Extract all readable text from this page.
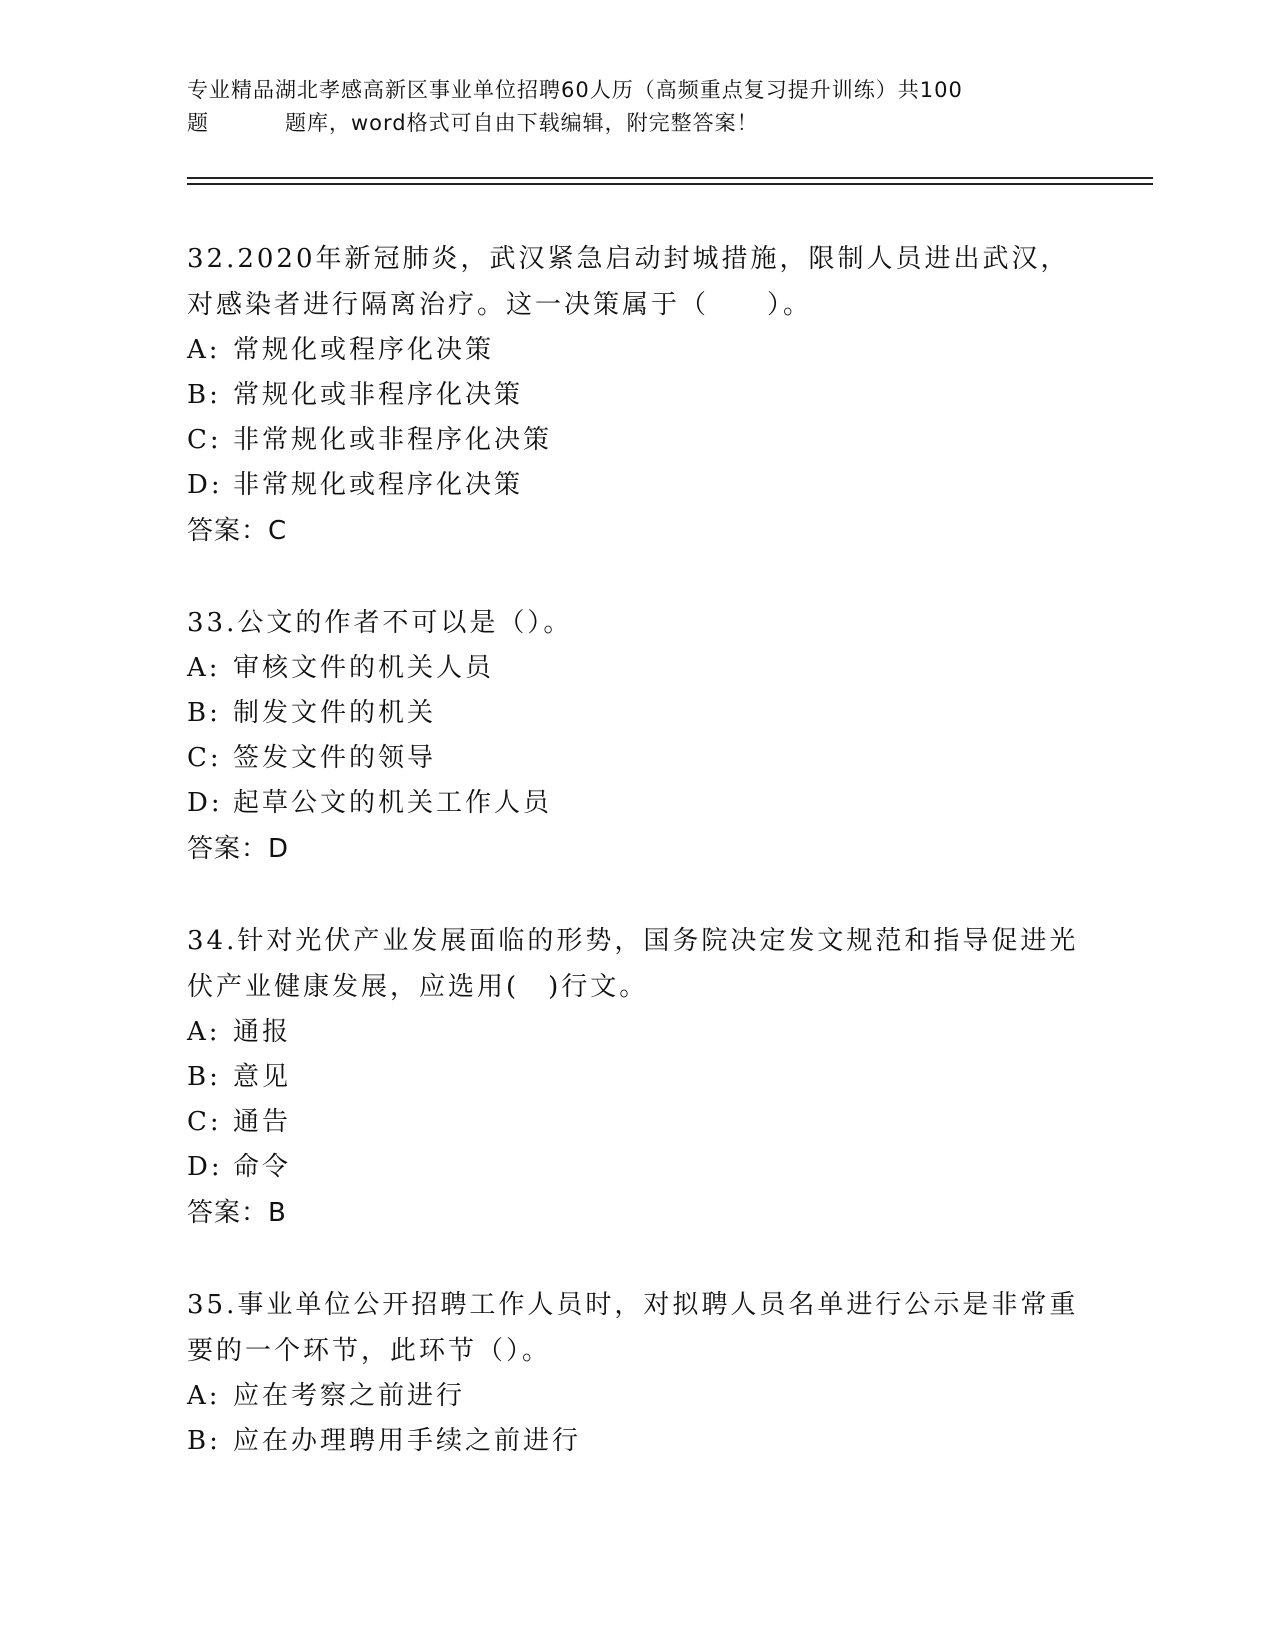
专业精品湖北孝感高新区事业单位招聘60人历（高频重点复习提升训练）共100
题	题库，word格式可自由下载编辑，附完整答案！
32.2020年新冠肺炎，武汉紧急启动封城措施，限制人员进出武汉，对感染者进行隔离治疗。这一决策属于（　　）。
A: 常规化或程序化决策
B: 常规化或非程序化决策
C: 非常规化或非程序化决策
D: 非常规化或程序化决策
答案：C
33.公文的作者不可以是（）。
A: 审核文件的机关人员
B: 制发文件的机关
C: 签发文件的领导
D: 起草公文的机关工作人员
答案：D
34.针对光伏产业发展面临的形势，国务院决定发文规范和指导促进光伏产业健康发展，应选用(　)行文。
A: 通报
B: 意见
C: 通告
D: 命令
答案：B
35.事业单位公开招聘工作人员时，对拟聘人员名单进行公示是非常重要的一个环节，此环节（）。
A: 应在考察之前进行
B: 应在办理聘用手续之前进行
